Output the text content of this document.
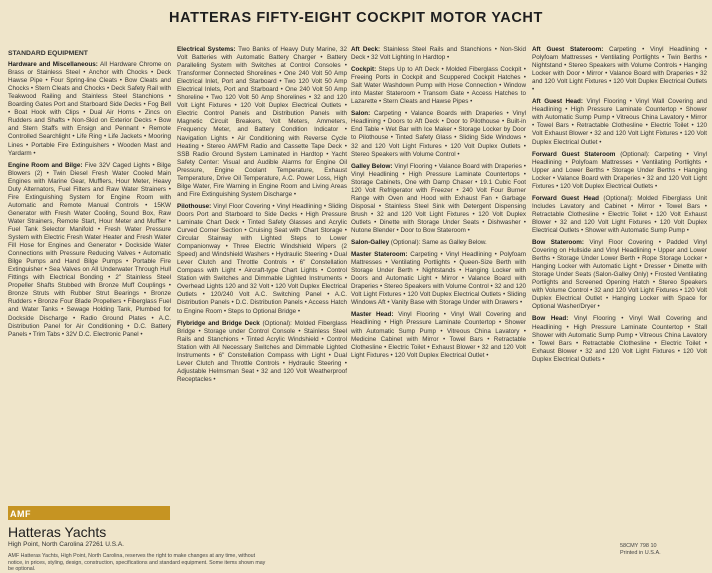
HATTERAS FIFTY-EIGHT COCKPIT MOTOR YACHT

STANDARD EQUIPMENT

Hardware and Miscellaneous: All Hardware Chrome on Brass or Stainless Steel • Anchor with Chocks • Deck Hawse Pipe • Four Spring-line Cleats • Bow Cleats and Chocks • Stern Cleats and Chocks • Deck Safety Rail with Teakwood Railing and Stainless Steel Stanchions • Boarding Gates Port and Starboard Side Decks • Fog Bell • Boat Hook with Clips • Dual Air Horns • Zincs on Rudders and Shafts • Non-Skid on Exterior Decks • Bow and Stern Staffs with Ensign and Pennant • Remote Controlled Searchlight • Life Ring • Life Jackets • Mooring Lines • Portable Fire Extinguishers • Wooden Mast and Yardarm •

Engine Room and Bilge: Five 32V Caged Lights • Bilge Blowers (2) • Twin Diesel Fresh Water Cooled Main Engines with Marine Gear, Mufflers, Hour Meter, Heavy Duty Alternators, Fuel Filters and Raw Water Strainers • Fire Extinguishing System for Engine Room with Automatic and Remote Manual Controls • 15KW Generator with Fresh Water Cooling, Sound Box, Raw Water Strainers, Remote Start, Hour Meter and Muffler • Fuel Tank Selector Manifold • Fresh Water Pressure System with Electric Fresh Water Heater and Fresh Water Fill Hose for Engines and Generator • Dockside Water Connections with Pressure Reducing Valves • Automatic Bilge Pumps and Hand Bilge Pumps • Portable Fire Extinguisher • Sea Valves on All Underwater Through Hull Fittings with Electrical Bonding • 2" Stainless Steel Propeller Shafts Stubbed with Bronze Muff Couplings • Bronze Struts with Rubber Strut Bearings • Bronze Rudders • Bronze Four Blade Propellers • Fiberglass Fuel and Water Tanks • Sewage Holding Tank, Plumbed for Dockside Discharge • Radio Ground Plates • A.C. Distribution Panel for Air Conditioning • D.C. Battery Panels • Trim Tabs • 32V D.C. Electronic Panel •

Electrical Systems: Two Banks of Heavy Duty Marine, 32 Volt Batteries with Automatic Battery Charger • Battery Paralleling System with Switches at Control Consoles • Transformer Connected Shorelines • One 240 Volt 50 Amp Electrical Inlet, Port and Starboard • Two 120 Volt 50 Amp Electrical Inlets, Port and Starboard • One 240 Volt 50 Amp Shoreline • Two 120 Volt 50 Amp Shorelines • 32 and 120 Volt Light Fixtures • 120 Volt Duplex Electrical Outlets • Electric Control Panels and Distribution Panels with Magnetic Circuit Breakers, Volt Meters, Ammeters, Frequency Meter, and Battery Condition Indicator • Navigation Lights • Air Conditioning with Reverse Cycle Heating • Stereo AM/FM Radio and Cassette Tape Deck • SSB Radio Ground System Laminated in Hardtop • Yacht Safety Center: Visual and Audible Alarms for Engine Oil Pressure, Engine Coolant Temperature, Exhaust Temperature, Drive Oil Temperature, A.C. Power Loss, High Bilge Water, Fire Warning in Engine Room and Living Areas and Fire Extinguishing System Discharge •

Pilothouse: Vinyl Floor Covering • Vinyl Headlining • Sliding Doors Port and Starboard to Side Decks • High Pressure Laminate Chart Deck • Tinted Safety Glasses and Acrylic Curved Corner Section • Cruising Seat with Chart Storage • Circular Stairway with Lighted Steps to Lower Companionway • Three Electric Windshield Wipers (2 Speed) and Windshield Washers • Hydraulic Steering • Dual Lever Clutch and Throttle Controls • 6" Constellation Compass with Light • Aircraft-type Chart Lights • Control Station with Switches and Dimmable Lighted Instruments • Overhead Lights 120 and 32 Volt • 120 Volt Duplex Electrical Outlets • 120/240 Volt A.C. Switching Panel • A.C. Distribution Panels • D.C. Distribution Panels • Access Hatch to Engine Room • Steps to Optional Bridge •

Flybridge and Bridge Deck (Optional): Molded Fiberglass Bridge • Storage under Control Console • Stainless Steel Rails and Stanchions • Tinted Acrylic Windshield • Control Station with All Necessary Switches and Dimmable Lighted Instruments • 6" Constellation Compass with Light • Dual Lever Clutch and Throttle Controls • Hydraulic Steering • Adjustable Helmsman Seat • 32 and 120 Volt Weatherproof Receptacles •

Aft Deck: Stainless Steel Rails and Stanchions • Non-Skid Deck • 32 Volt Lighting In Hardtop •

Cockpit: Steps Up to Aft Deck • Molded Fiberglass Cockpit • Freeing Ports in Cockpit and Scuppered Cockpit Hatches • Salt Water Washdown Pump with Hose Connection • Window into Master Stateroom • Transom Gate • Access Hatches to Lazarette • Stern Cleats and Hawse Pipes •

Salon: Carpeting • Valance Boards with Draperies • Vinyl Headlining • Doors to Aft Deck • Door to Pilothouse • Built-in End Table • Wet Bar with Ice Maker • Storage Locker by Door to Pilothouse • Tinted Safety Glass • Sliding Side Windows • 32 and 120 Volt Light Fixtures • 120 Volt Duplex Outlets • Stereo Speakers with Volume Control •

Galley Below: Vinyl Flooring • Valance Board with Draperies • Vinyl Headlining • High Pressure Laminate Countertops • Storage Cabinets, One with Damp Chaser • 19.1 Cubic Foot 120 Volt Refrigerator with Freezer • 240 Volt Four Burner Range with Oven and Hood with Exhaust Fan • Garbage Disposal • Stainless Steel Sink with Detergent Dispensing Brush • 32 and 120 Volt Light Fixtures • 120 Volt Duplex Outlets • Dinette with Storage Under Seats • Dishwasher • Nutone Blender • Door to Bow Stateroom •

Salon-Galley (Optional): Same as Galley Below.

Master Stateroom: Carpeting • Vinyl Headlining • Polyfoam Mattresses • Ventilating Portlights • Queen-Size Berth with Storage Under Berth • Nightstands • Hanging Locker with Doors and Automatic Light • Mirror • Valance Board with Draperies • Stereo Speakers with Volume Control • 32 and 120 Volt Light Fixtures • 120 Volt Duplex Electrical Outlets • Sliding Windows Aft • Vanity Base with Storage Under with Drawers •

Master Head: Vinyl Flooring • Vinyl Wall Covering and Headlining • High Pressure Laminate Countertop • Shower with Automatic Sump Pump • Vitreous China Lavatory • Medicine Cabinet with Mirror • Towel Bars • Retractable Clothesline • Electric Toilet • Exhaust Blower • 32 and 120 Volt Light Fixtures • 120 Volt Duplex Electrical Outlet •

Aft Guest Stateroom: Carpeting • Vinyl Headlining • Polyfoam Mattresses • Ventilating Portlights • Twin Berths • Nightstand • Stereo Speakers with Volume Controls • Hanging Locker with Door • Mirror • Valance Board with Draperies • 32 and 120 Volt Light Fixtures • 120 Volt Duplex Electrical Outlets •

Aft Guest Head: Vinyl Flooring • Vinyl Wall Covering and Headlining • High Pressure Laminate Countertop • Shower with Automatic Sump Pump • Vitreous China Lavatory • Mirror • Towel Bars • Retractable Clothesline • Electric Toilet • 120 Volt Exhaust Blower • 32 and 120 Volt Light Fixtures • 120 Volt Duplex Electrical Outlet •

Forward Guest Stateroom (Optional): Carpeting • Vinyl Headlining • Polyfoam Mattresses • Ventilating Portlights • Upper and Lower Berths • Storage Under Berths • Hanging Locker • Valance Board with Draperies • 32 and 120 Volt Light Fixtures • 120 Volt Duplex Electrical Outlets •

Forward Guest Head (Optional): Molded Fiberglass Unit Includes Lavatory and Cabinet • Mirror • Towel Bars • Retractable Clothesline • Electric Toilet • 120 Volt Exhaust Blower • 32 and 120 Volt Light Fixtures • 120 Volt Duplex Electrical Outlets • Shower with Automatic Sump Pump •

Bow Stateroom: Vinyl Floor Covering • Padded Vinyl Covering on Hullside and Vinyl Headlining • Upper and Lower Berths • Storage Under Lower Berth • Rope Storage Locker • Hanging Locker with Automatic Light • Dresser • Dinette with Storage Under Seats (Salon-Galley Only) • Frosted Ventilating Portlights and Screened Opening Hatch • Stereo Speakers with Volume Control • 32 and 120 Volt Light Fixtures • 120 Volt Duplex Electrical Outlet • Hanging Locker with Space for Optional Washer/Dryer •

Bow Head: Vinyl Flooring • Vinyl Wall Covering and Headlining • High Pressure Laminate Countertop • Stall Shower with Automatic Sump Pump • Vitreous China Lavatory • Towel Bars • Retractable Clothesline • Electric Toilet • Exhaust Blower • 32 and 120 Volt Light Fixtures • 120 Volt Duplex Electrical Outlets •

AMF
Hatteras Yachts
High Point, North Carolina 27261 U.S.A.
AMF Hatteras Yachts, High Point, North Carolina, reserves the right to make changes at any time, without notice, in prices, styling, design, construction, specifications and standard equipment. Some items shown may be optional.
58CMY 798 10
Printed in U.S.A.
